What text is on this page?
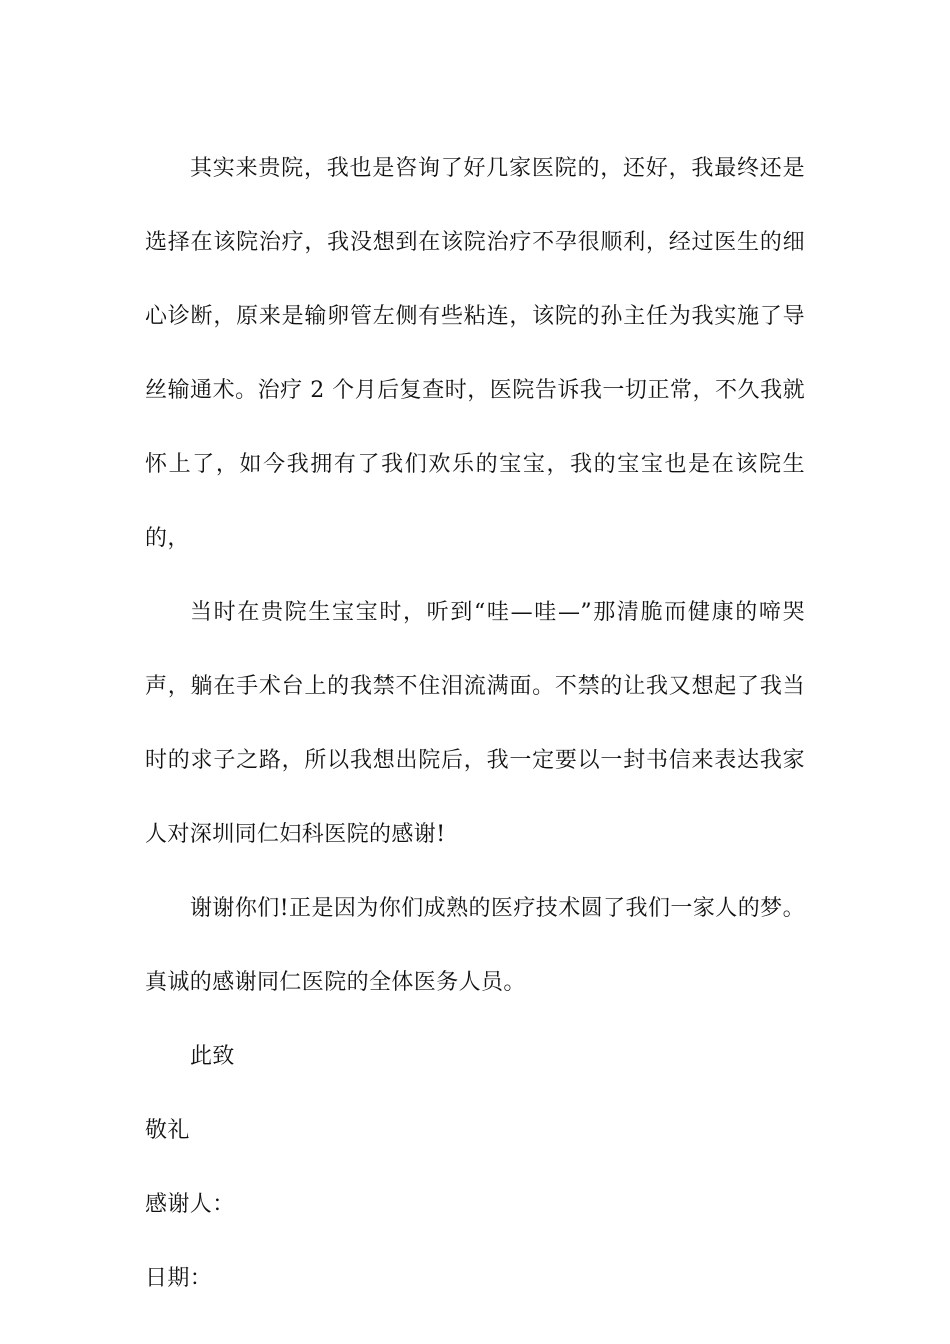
其实来贵院，我也是咨询了好几家医院的，还好，我最终还是选择在该院治疗，我没想到在该院治疗不孕很顺利，经过医生的细心诊断，原来是输卵管左侧有些粘连，该院的孙主任为我实施了导丝输通术。治疗 2 个月后复查时，医院告诉我一切正常，不久我就怀上了，如今我拥有了我们欢乐的宝宝，我的宝宝也是在该院生的，

当时在贵院生宝宝时，听到“哇—哇—”那清脆而健康的啼哭声，躺在手术台上的我禁不住泪流满面。不禁的让我又想起了我当时的求子之路，所以我想出院后，我一定要以一封书信来表达我家人对深圳同仁妇科医院的感谢!

谢谢你们!正是因为你们成熟的医疗技术圆了我们一家人的梦。真诚的感谢同仁医院的全体医务人员。

此致

敬礼

感谢人：

日期：
